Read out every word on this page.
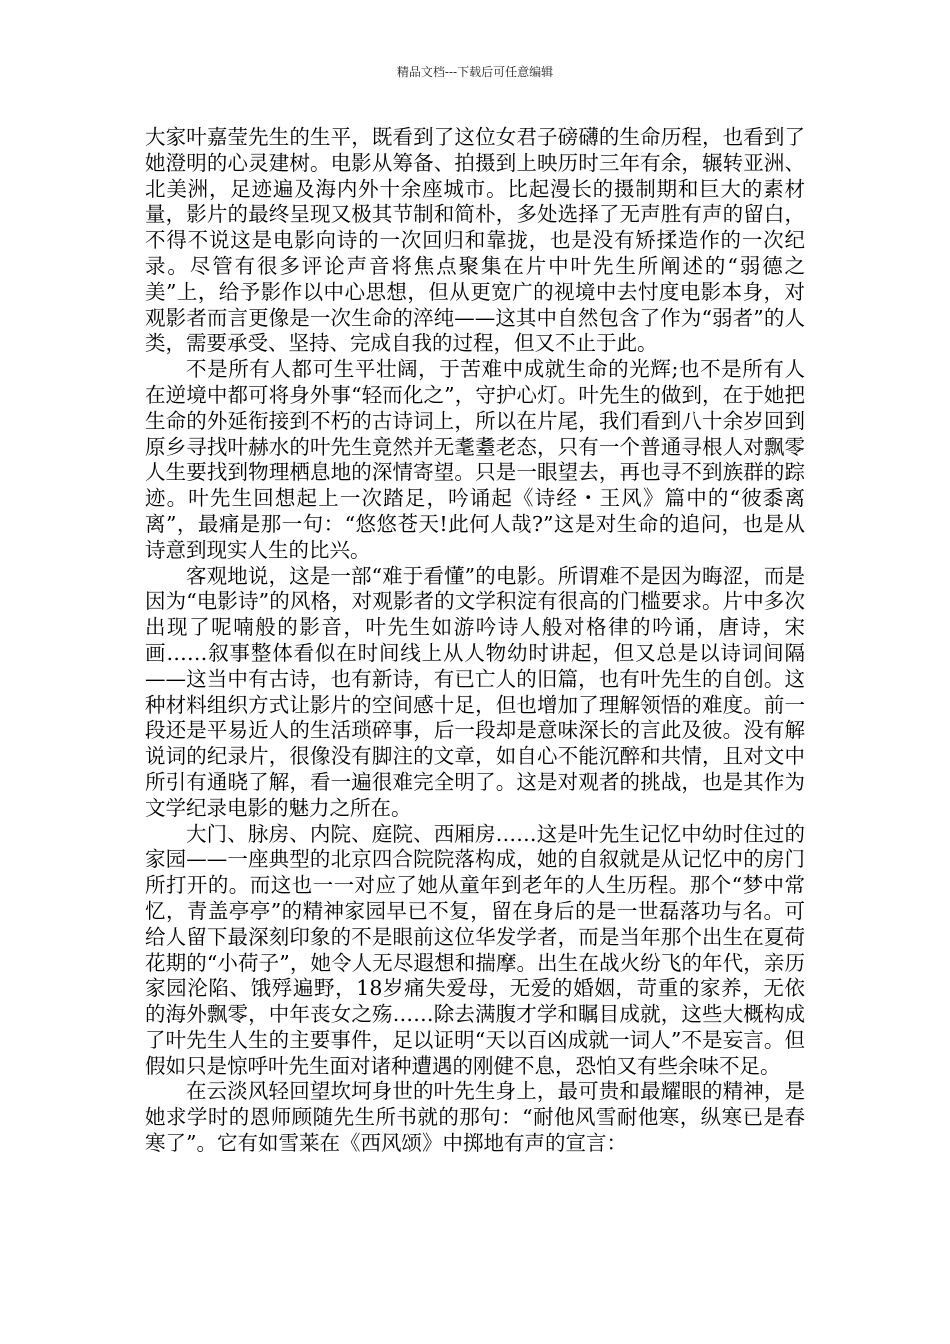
精品文档---下载后可任意编辑

大家叶嘉莹先生的生平，既看到了这位女君子磅礴的生命历程，也看到了她澄明的心灵建树。电影从筹备、拍摄到上映历时三年有余，辗转亚洲、北美洲，足迹遍及海内外十余座城市。比起漫长的摄制期和巨大的素材量，影片的最终呈现又极其节制和简朴，多处选择了无声胜有声的留白，不得不说这是电影向诗的一次回归和靠拢，也是没有矫揉造作的一次纪录。尽管有很多评论声音将焦点聚集在片中叶先生所阐述的“弱德之美”上，给予影作以中心思想，但从更宽广的视境中去忖度电影本身，对观影者而言更像是一次生命的淬纯——这其中自然包含了作为“弱者”的人类，需要承受、坚持、完成自我的过程，但又不止于此。

不是所有人都可生平壮阔，于苦难中成就生命的光辉;也不是所有人在逆境中都可将身外事“轻而化之”，守护心灯。叶先生的做到，在于她把生命的外延衔接到不朽的古诗词上，所以在片尾，我们看到八十余岁回到原乡寻找叶赫水的叶先生竟然并无耄耋老态，只有一个普通寻根人对飘零人生要找到物理栖息地的深情寄望。只是一眼望去，再也寻不到族群的踪迹。叶先生回想起上一次踏足，吟诵起《诗经・王风》篇中的“彼黍离离”，最痛是那一句：“悠悠苍天!此何人哉?”这是对生命的追问，也是从诗意到现实人生的比兴。

客观地说，这是一部“难于看懂”的电影。所谓难不是因为晦涩，而是因为“电影诗”的风格，对观影者的文学积淀有很高的门槛要求。片中多次出现了呢喃般的影音，叶先生如游吟诗人般对格律的吟诵，唐诗，宋画……叙事整体看似在时间线上从人物幼时讲起，但又总是以诗词间隔——这当中有古诗，也有新诗，有已亡人的旧篇，也有叶先生的自创。这种材料组织方式让影片的空间感十足，但也增加了理解领悟的难度。前一段还是平易近人的生活琐碎事，后一段却是意味深长的言此及彼。没有解说词的纪录片，很像没有脚注的文章，如自心不能沉醉和共情，且对文中所引有通晓了解，看一遍很难完全明了。这是对观者的挑战，也是其作为文学纪录电影的魅力之所在。

大门、脉房、内院、庭院、西厢房……这是叶先生记忆中幼时住过的家园——一座典型的北京四合院院落构成，她的自叙就是从记忆中的房门所打开的。而这也一一对应了她从童年到老年的人生历程。那个“梦中常忆，青盖亭亭”的精神家园早已不复，留在身后的是一世磊落功与名。可给人留下最深刻印象的不是眼前这位华发学者，而是当年那个出生在夏荷花期的“小荷子”，她令人无尽遐想和揣摩。出生在战火纷飞的年代，亲历家园沦陷、饿殍遍野，18岁痛失爱母，无爱的婚姻，苛重的家养，无依的海外飘零，中年丧女之殇……除去满腹才学和瞩目成就，这些大概构成了叶先生人生的主要事件，足以证明“天以百凶成就一词人”不是妄言。但假如只是惊呼叶先生面对诸种遭遇的刚健不息，恐怕又有些余味不足。

在云淡风轻回望坎坷身世的叶先生身上，最可贵和最耀眼的精神，是她求学时的恩师顾随先生所书就的那句：“耐他风雪耐他寒，纵寒已是春寒了”。它有如雪莱在《西风颂》中掷地有声的宣言：
